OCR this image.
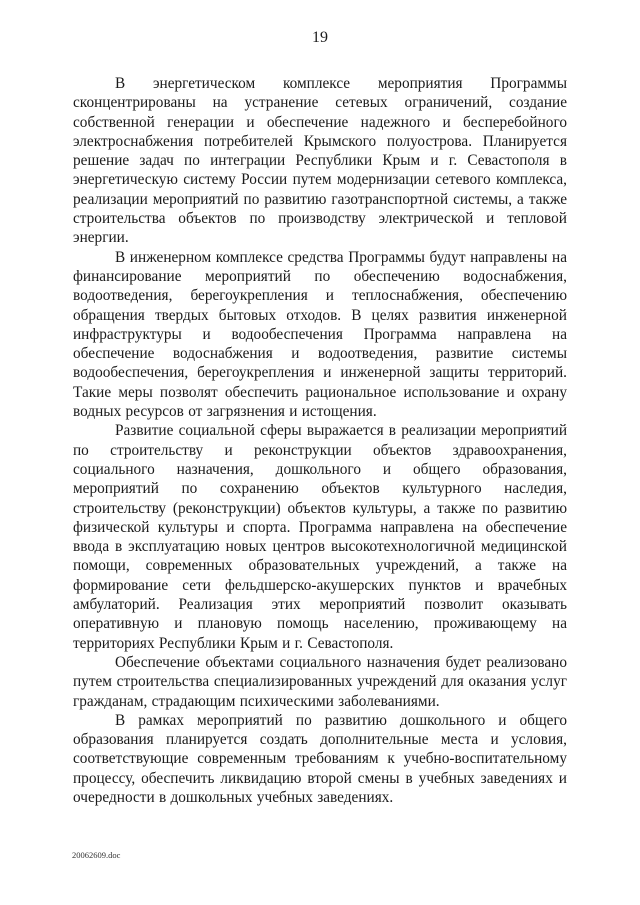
19

В энергетическом комплексе мероприятия Программы сконцентрированы на устранение сетевых ограничений, создание собственной генерации и обеспечение надежного и бесперебойного электроснабжения потребителей Крымского полуострова. Планируется решение задач по интеграции Республики Крым и г. Севастополя в энергетическую систему России путем модернизации сетевого комплекса, реализации мероприятий по развитию газотранспортной системы, а также строительства объектов по производству электрической и тепловой энергии.

В инженерном комплексе средства Программы будут направлены на финансирование мероприятий по обеспечению водоснабжения, водоотведения, берегоукрепления и теплоснабжения, обеспечению обращения твердых бытовых отходов. В целях развития инженерной инфраструктуры и водообеспечения Программа направлена на обеспечение водоснабжения и водоотведения, развитие системы водообеспечения, берегоукрепления и инженерной защиты территорий. Такие меры позволят обеспечить рациональное использование и охрану водных ресурсов от загрязнения и истощения.

Развитие социальной сферы выражается в реализации мероприятий по строительству и реконструкции объектов здравоохранения, социального назначения, дошкольного и общего образования, мероприятий по сохранению объектов культурного наследия, строительству (реконструкции) объектов культуры, а также по развитию физической культуры и спорта. Программа направлена на обеспечение ввода в эксплуатацию новых центров высокотехнологичной медицинской помощи, современных образовательных учреждений, а также на формирование сети фельдшерско-акушерских пунктов и врачебных амбулаторий. Реализация этих мероприятий позволит оказывать оперативную и плановую помощь населению, проживающему на территориях Республики Крым и г. Севастополя.

Обеспечение объектами социального назначения будет реализовано путем строительства специализированных учреждений для оказания услуг гражданам, страдающим психическими заболеваниями.

В рамках мероприятий по развитию дошкольного и общего образования планируется создать дополнительные места и условия, соответствующие современным требованиям к учебно-воспитательному процессу, обеспечить ликвидацию второй смены в учебных заведениях и очередности в дошкольных учебных заведениях.

20062609.doc
